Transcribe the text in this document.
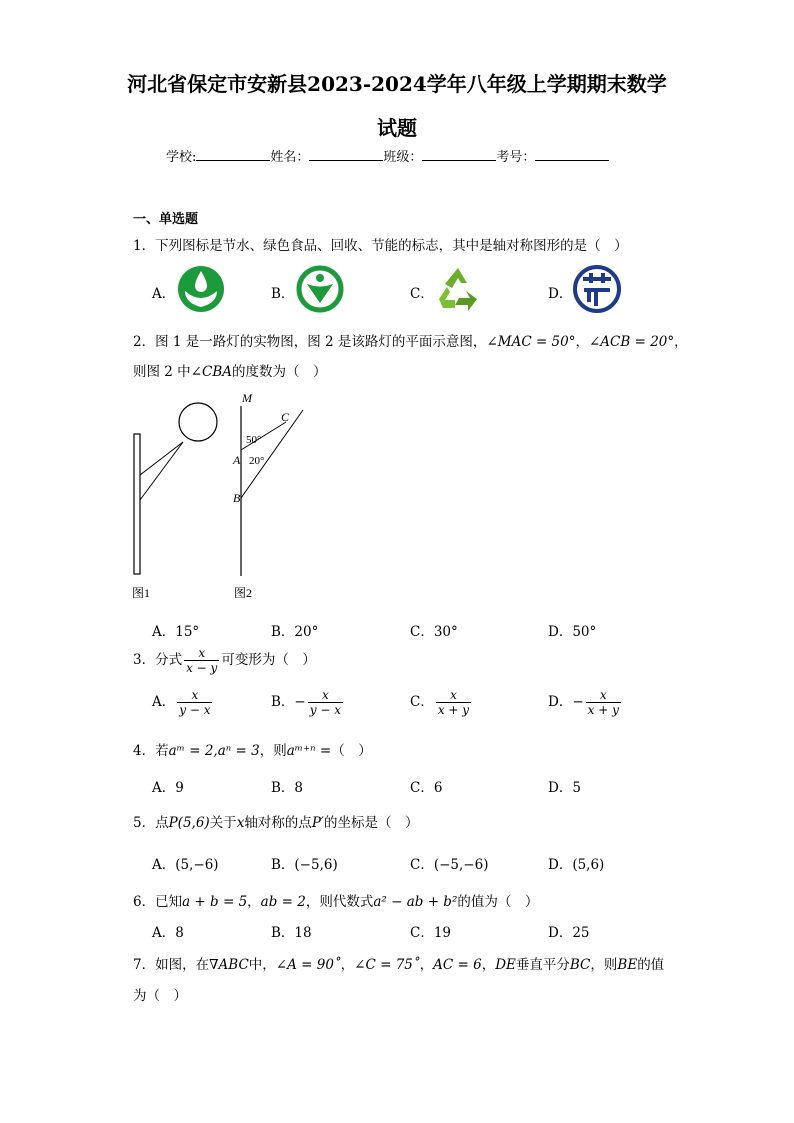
河北省保定市安新县2023-2024学年八年级上学期期末数学
试题
学校:	姓名：	班级：	考号：
一、单选题
1．下列图标是节水、绿色食品、回收、节能的标志，其中是轴对称图形的是（　）
A．	B．	C．	D．
2．图 1 是一路灯的实物图，图 2 是该路灯的平面示意图，∠MAC = 50°，∠ACB = 20°，
则图 2 中∠CBA的度数为（　）
图1
M
C
A
B
50°
20°
图2
A．15°	B．20°	C．30°	D．50°
3．分式 $\frac{x}{x - y}$ 可变形为（　）
A． $\frac{x}{y - x}$	B．− $\frac{x}{y - x}$	C． $\frac{x}{x + y}$	D．− $\frac{x}{x + y}$
4．若aᵐ = 2,aⁿ = 3，则aᵐ⁺ⁿ =（　）
A．9	B．8	C．6	D．5
5．点P(5,6)关于x轴对称的点P′的坐标是（　）
A．(5,−6)	B．(−5,6)	C．(−5,−6)	D．(5,6)
6．已知a + b = 5，ab = 2，则代数式a² − ab + b²的值为（　）
A．8	B．18	C．19	D．25
7．如图，在∇ABC中，∠A = 90˚，∠C = 75˚，AC = 6，DE垂直平分BC，则BE的值
为（　）
